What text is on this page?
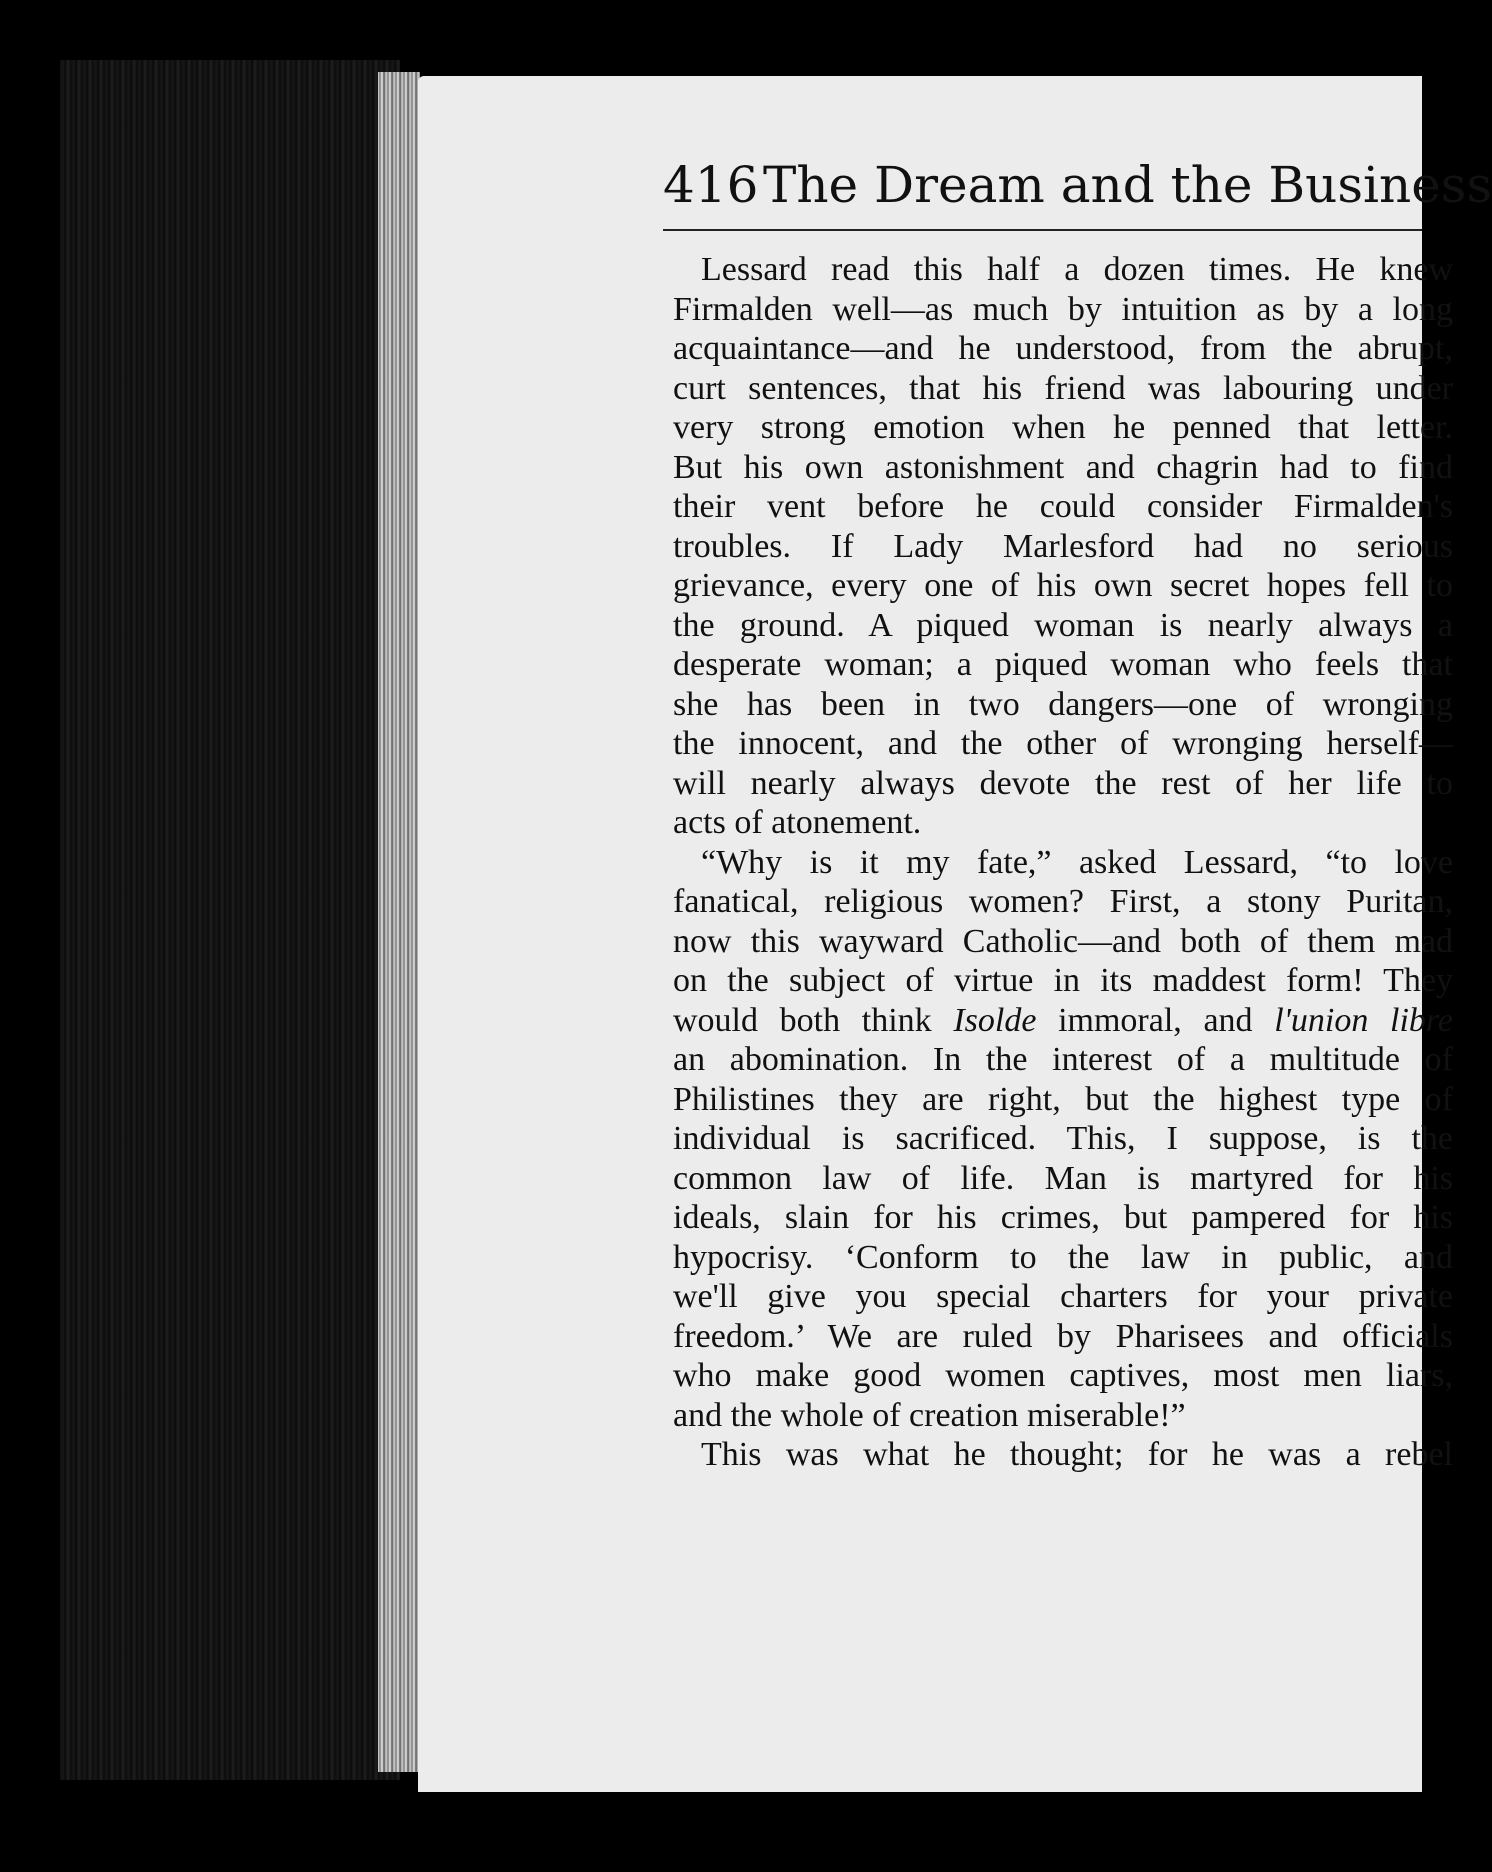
416 The Dream and the Business
Lessard read this half a dozen times. He knew
Firmalden well—as much by intuition as by a long
acquaintance—and he understood, from the abrupt,
curt sentences, that his friend was labouring under
very strong emotion when he penned that letter.
But his own astonishment and chagrin had to find
their vent before he could consider Firmalden's
troubles. If Lady Marlesford had no serious
grievance, every one of his own secret hopes fell to
the ground. A piqued woman is nearly always a
desperate woman; a piqued woman who feels that
she has been in two dangers—one of wronging
the innocent, and the other of wronging herself—
will nearly always devote the rest of her life to
acts of atonement.
“Why is it my fate,” asked Lessard, “to love
fanatical, religious women? First, a stony Puritan,
now this wayward Catholic—and both of them mad
on the subject of virtue in its maddest form! They
would both think Isolde immoral, and l'union libre
an abomination. In the interest of a multitude of
Philistines they are right, but the highest type of
individual is sacrificed. This, I suppose, is the
common law of life. Man is martyred for his
ideals, slain for his crimes, but pampered for his
hypocrisy. ‘Conform to the law in public, and
we'll give you special charters for your private
freedom.’ We are ruled by Pharisees and officials
who make good women captives, most men liars,
and the whole of creation miserable!”
This was what he thought; for he was a rebel
